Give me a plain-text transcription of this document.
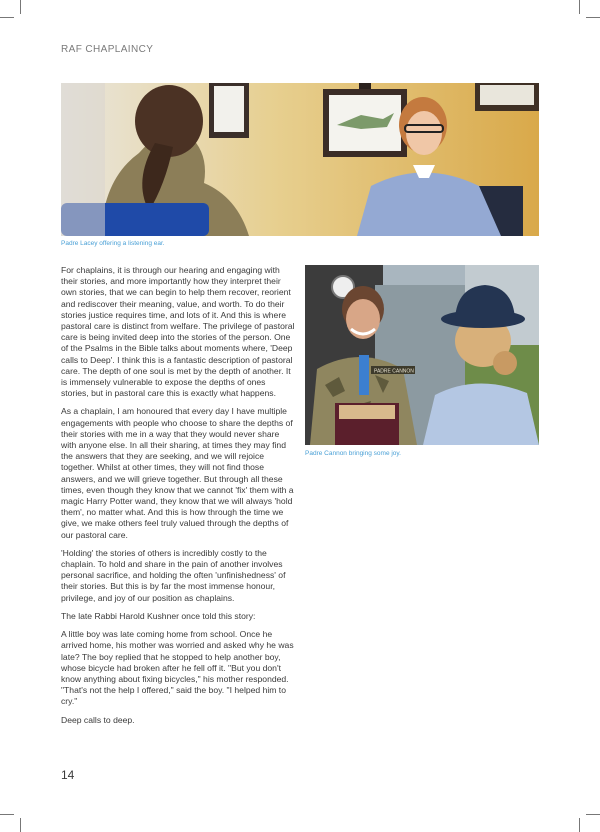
RAF CHAPLAINCY
Padre Lacey offering a listening ear.
PADRE CANNON
Padre Cannon bringing some joy.

For chaplains, it is through our hearing and engaging with their stories, and more importantly how they interpret their own stories, that we can begin to help them recover, reorient and rediscover their meaning, value, and worth. To do their stories justice requires time, and lots of it. And this is where pastoral care is distinct from welfare. The privilege of pastoral care is being invited deep into the stories of the person. One of the Psalms in the Bible talks about moments where, 'Deep calls to Deep'. I think this is a fantastic description of pastoral care. The depth of one soul is met by the depth of another. It is immensely vulnerable to expose the depths of ones stories, but in pastoral care this is exactly what happens.

As a chaplain, I am honoured that every day I have multiple engagements with people who choose to share the depths of their stories with me in a way that they would never share with anyone else. In all their sharing, at times they may find the answers that they are seeking, and we will rejoice together. Whilst at other times, they will not find those answers, and we will grieve together. But through all these times, even though they know that we cannot 'fix' them with a magic Harry Potter wand, they know that we will always 'hold them', no matter what. And this is how through the time we give, we make others feel truly valued through the depths of our pastoral care.

'Holding' the stories of others is incredibly costly to the chaplain. To hold and share in the pain of another involves personal sacrifice, and holding the often 'unfinishedness' of their stories. But this is by far the most immense honour, privilege, and joy of our position as chaplains.

The late Rabbi Harold Kushner once told this story:

A little boy was late coming home from school. Once he arrived home, his mother was worried and asked why he was late? The boy replied that he stopped to help another boy, whose bicycle had broken after he fell off it. "But you don't know anything about fixing bicycles," his mother responded. "That's not the help I offered," said the boy. "I helped him to cry."

Deep calls to deep.

14
